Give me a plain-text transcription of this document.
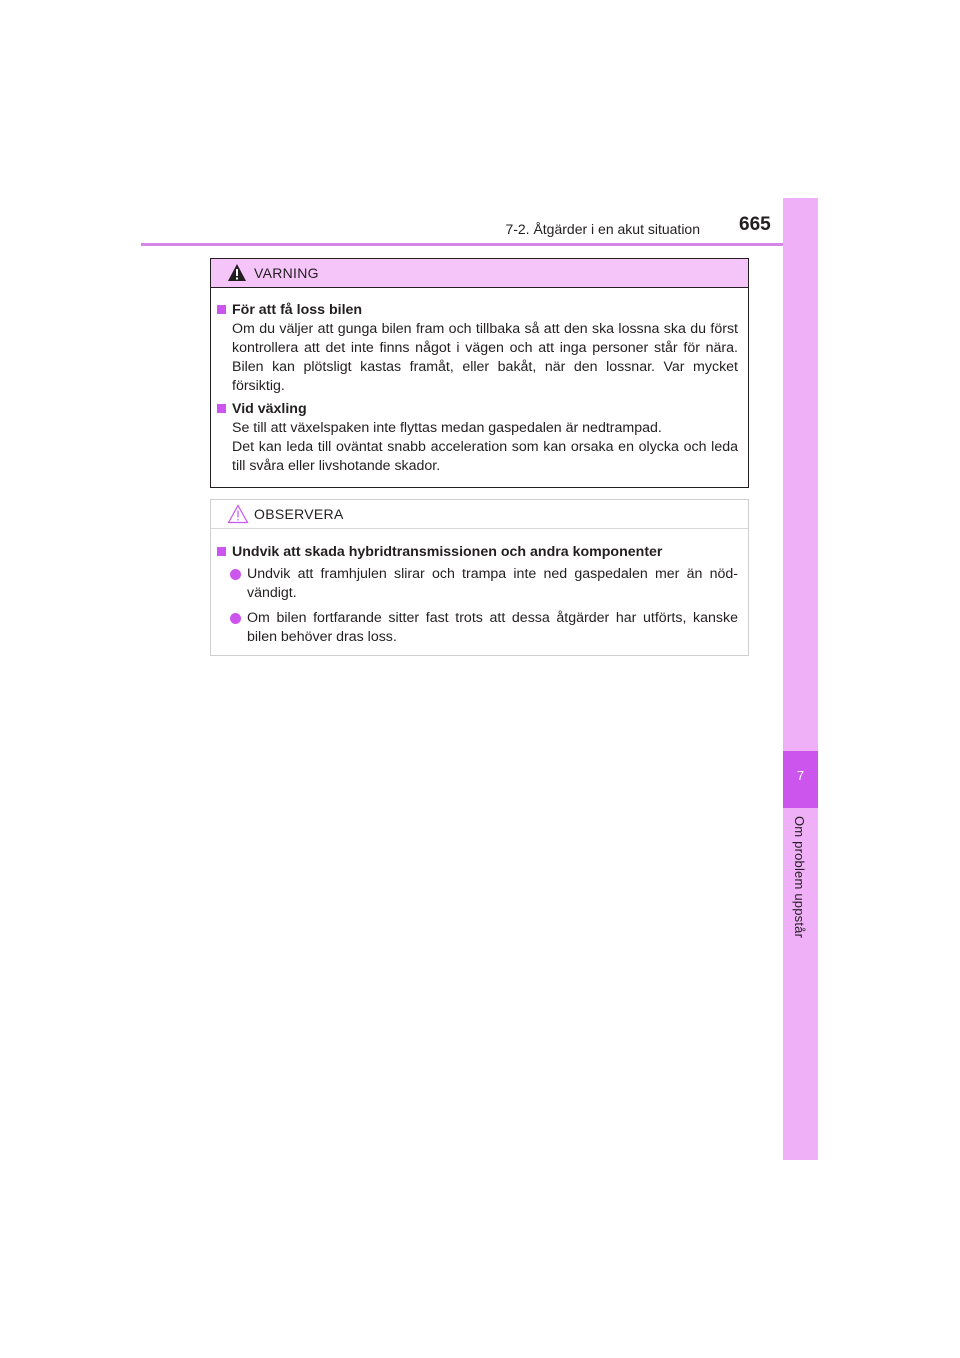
7-2. Åtgärder i en akut situation 665
7
Om problem uppstår
VARNING
För att få loss bilen
Om du väljer att gunga bilen fram och tillbaka så att den ska lossna ska du först kontrollera att det inte finns något i vägen och att inga personer står för nära. Bilen kan plötsligt kastas framåt, eller bakåt, när den lossnar. Var mycket försiktig.
Vid växling
Se till att växelspaken inte flyttas medan gaspedalen är nedtrampad.
Det kan leda till oväntat snabb acceleration som kan orsaka en olycka och leda till svåra eller livshotande skador.
OBSERVERA
Undvik att skada hybridtransmissionen och andra komponenter
Undvik att framhjulen slirar och trampa inte ned gaspedalen mer än nöd-vändigt.
Om bilen fortfarande sitter fast trots att dessa åtgärder har utförts, kanske bilen behöver dras loss.
